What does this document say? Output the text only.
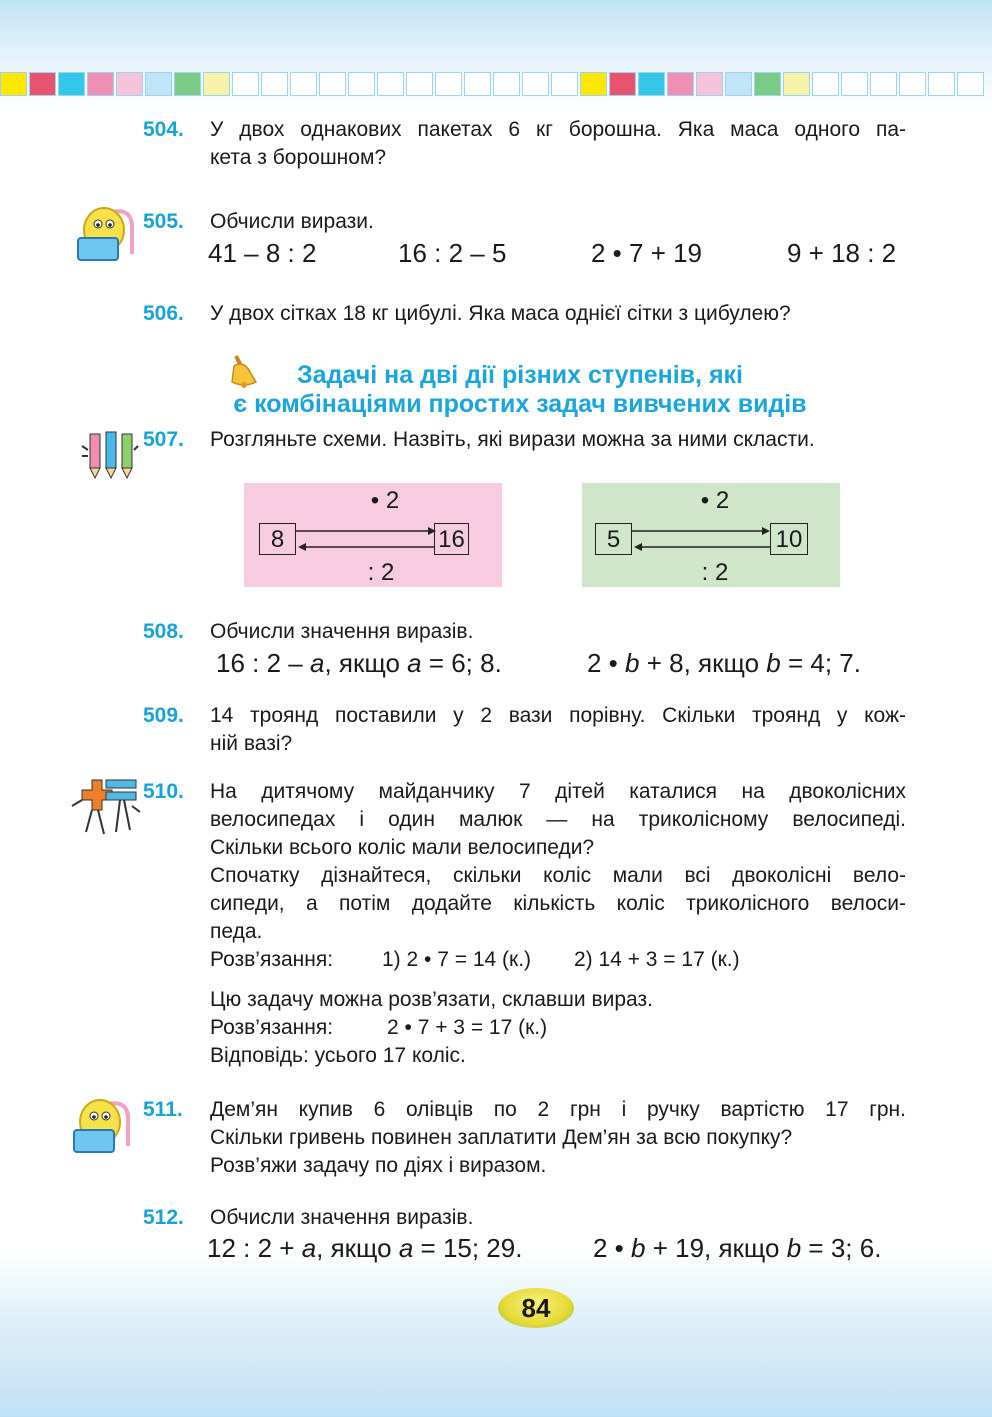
504. У двох однакових пакетах 6 кг борошна. Яка маса одного па-
кета з борошном?
505. Обчисли вирази.
41 – 8 : 2	16 : 2 – 5	2 • 7 + 19	9 + 18 : 2
506. У двох сітках 18 кг цибулі. Яка маса однієї сітки з цибулею?
Задачі на дві дії різних ступенів, які
є комбінаціями простих задач вивчених видів
507. Розгляньте схеми. Назвіть, які вирази можна за ними скласти.
• 2
8	16
: 2
• 2
5	10
: 2
508. Обчисли значення виразів.
16 : 2 – a, якщо a = 6; 8.	2 • b + 8, якщо b = 4; 7.
509. 14 троянд поставили у 2 вази порівну. Скільки троянд у кож-
ній вазі?
510. На дитячому майданчику 7 дітей каталися на двоколісних
велосипедах і один малюк — на триколісному велосипеді.
Скільки всього коліс мали велосипеди?
Спочатку дізнайтеся, скільки коліс мали всі двоколісні вело-
сипеди, а потім додайте кількість коліс триколісного велоси-
педа.
Розв’язання: 1) 2 • 7 = 14 (к.) 2) 14 + 3 = 17 (к.)
Цю задачу можна розв’язати, склавши вираз.
Розв’язання:	2 • 7 + 3 = 17 (к.)
Відповідь: усього 17 коліс.
511. Дем’ян купив 6 олівців по 2 грн і ручку вартістю 17 грн.
Скільки гривень повинен заплатити Дем’ян за всю покупку?
Розв’яжи задачу по діях і виразом.
512. Обчисли значення виразів.
12 : 2 + a, якщо a = 15; 29.	2 • b + 19, якщо b = 3; 6.
84
